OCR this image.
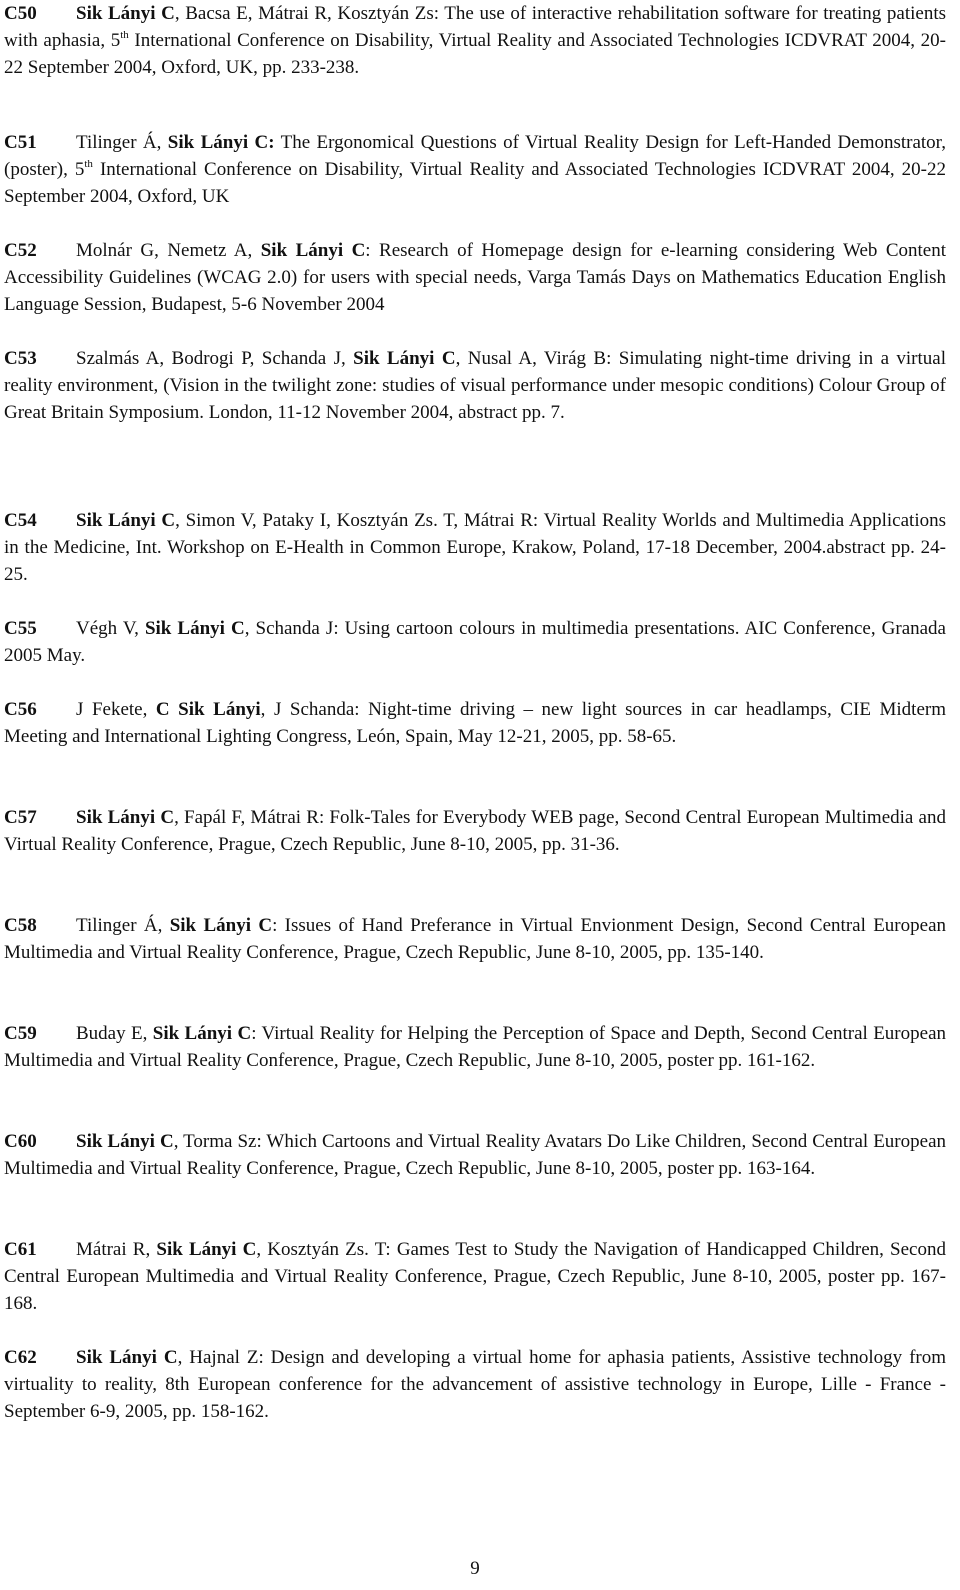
C50 Sik Lányi C, Bacsa E, Mátrai R, Kosztyán Zs: The use of interactive rehabilitation software for treating patients with aphasia, 5th International Conference on Disability, Virtual Reality and Associated Technologies ICDVRAT 2004, 20-22 September 2004, Oxford, UK, pp. 233-238.
C51 Tilinger Á, Sik Lányi C: The Ergonomical Questions of Virtual Reality Design for Left-Handed Demonstrator, (poster), 5th International Conference on Disability, Virtual Reality and Associated Technologies ICDVRAT 2004, 20-22 September 2004, Oxford, UK
C52 Molnár G, Nemetz A, Sik Lányi C: Research of Homepage design for e-learning considering Web Content Accessibility Guidelines (WCAG 2.0) for users with special needs, Varga Tamás Days on Mathematics Education English Language Session, Budapest, 5-6 November 2004
C53 Szalmás A, Bodrogi P, Schanda J, Sik Lányi C, Nusal A, Virág B: Simulating night-time driving in a virtual reality environment, (Vision in the twilight zone: studies of visual performance under mesopic conditions) Colour Group of Great Britain Symposium. London, 11-12 November 2004, abstract pp. 7.
C54 Sik Lányi C, Simon V, Pataky I, Kosztyán Zs. T, Mátrai R: Virtual Reality Worlds and Multimedia Applications in the Medicine, Int. Workshop on E-Health in Common Europe, Krakow, Poland, 17-18 December, 2004.abstract pp. 24-25.
C55 Végh V, Sik Lányi C, Schanda J: Using cartoon colours in multimedia presentations. AIC Conference, Granada 2005 May.
C56 J Fekete, C Sik Lányi, J Schanda: Night-time driving – new light sources in car headlamps, CIE Midterm Meeting and International Lighting Congress, León, Spain, May 12-21, 2005, pp. 58-65.
C57 Sik Lányi C, Fapál F, Mátrai R: Folk-Tales for Everybody WEB page, Second Central European Multimedia and Virtual Reality Conference, Prague, Czech Republic, June 8-10, 2005, pp. 31-36.
C58 Tilinger Á, Sik Lányi C: Issues of Hand Preferance in Virtual Envionment Design, Second Central European Multimedia and Virtual Reality Conference, Prague, Czech Republic, June 8-10, 2005, pp. 135-140.
C59 Buday E, Sik Lányi C: Virtual Reality for Helping the Perception of Space and Depth, Second Central European Multimedia and Virtual Reality Conference, Prague, Czech Republic, June 8-10, 2005, poster pp. 161-162.
C60 Sik Lányi C, Torma Sz: Which Cartoons and Virtual Reality Avatars Do Like Children, Second Central European Multimedia and Virtual Reality Conference, Prague, Czech Republic, June 8-10, 2005, poster pp. 163-164.
C61 Mátrai R, Sik Lányi C, Kosztyán Zs. T: Games Test to Study the Navigation of Handicapped Children, Second Central European Multimedia and Virtual Reality Conference, Prague, Czech Republic, June 8-10, 2005, poster pp. 167-168.
C62 Sik Lányi C, Hajnal Z: Design and developing a virtual home for aphasia patients, Assistive technology from virtuality to reality, 8th European conference for the advancement of assistive technology in Europe, Lille - France - September 6-9, 2005, pp. 158-162.
9
